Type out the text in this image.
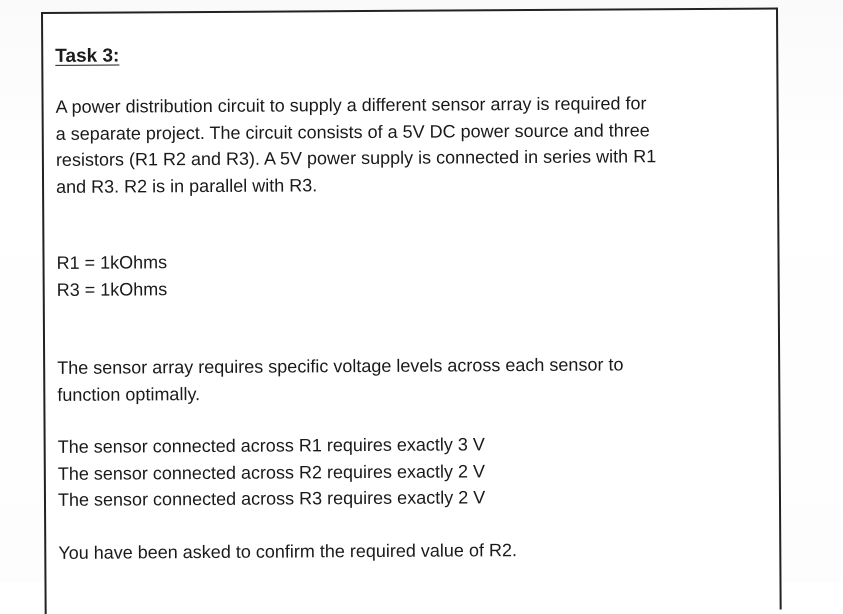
Task 3:

A power distribution circuit to supply a different sensor array is required for
a separate project. The circuit consists of a 5V DC power source and three
resistors (R1 R2 and R3). A 5V power supply is connected in series with R1
and R3. R2 is in parallel with R3.

R1 = 1kOhms
R3 = 1kOhms

The sensor array requires specific voltage levels across each sensor to
function optimally.

The sensor connected across R1 requires exactly 3 V
The sensor connected across R2 requires exactly 2 V
The sensor connected across R3 requires exactly 2 V

You have been asked to confirm the required value of R2.
